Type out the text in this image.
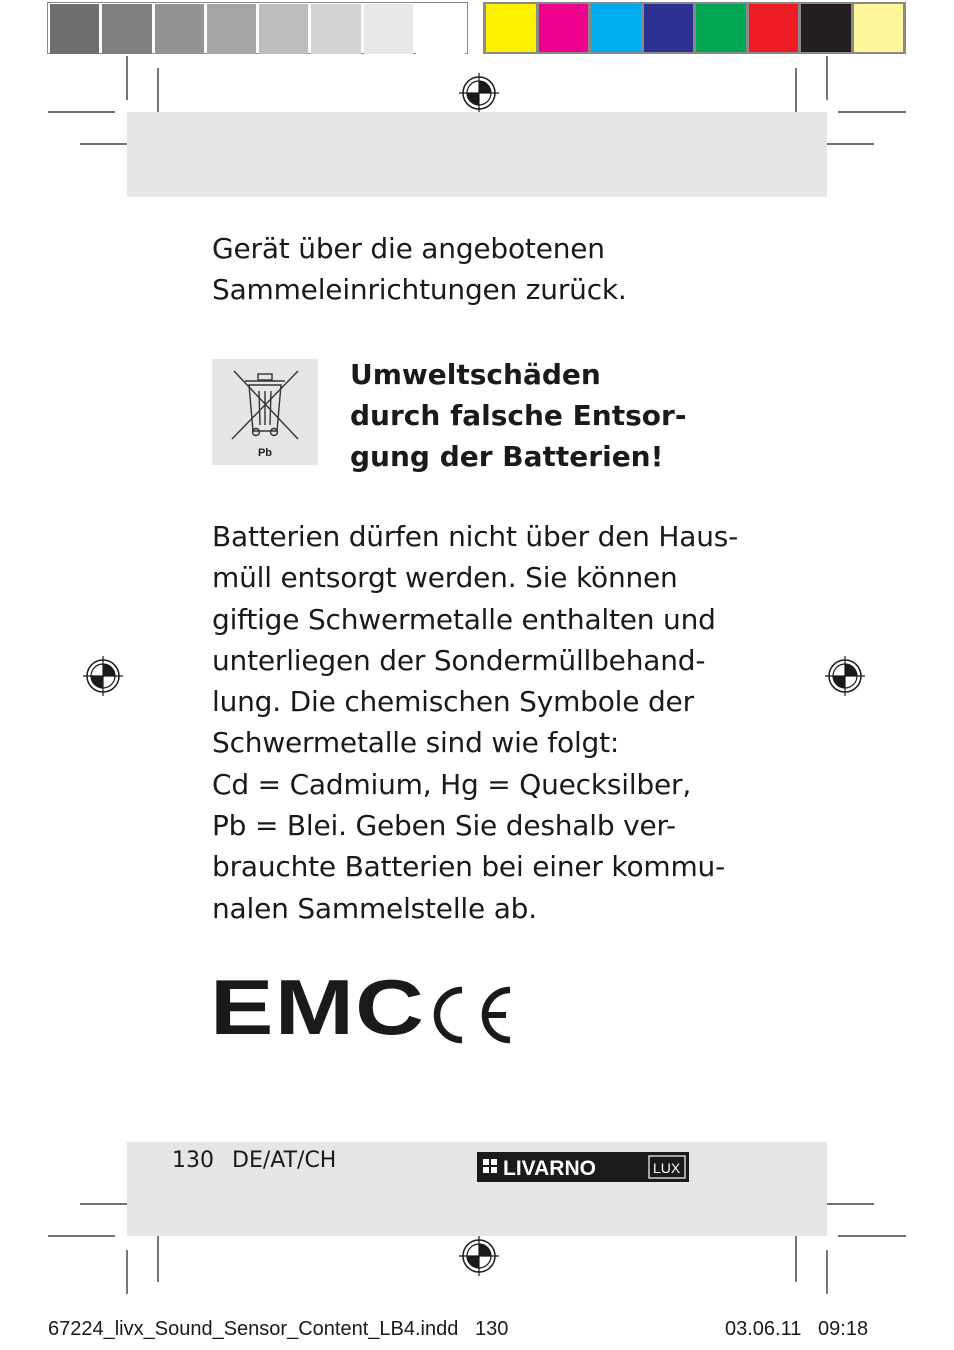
Gerät über die angebotenen
Sammeleinrichtungen zurück.
Pb
Umweltschäden
durch falsche Entsor-
gung der Batterien!
Batterien dürfen nicht über den Haus-
müll entsorgt werden. Sie können
giftige Schwermetalle enthalten und
unterliegen der Sondermüllbehand-
lung. Die chemischen Symbole der
Schwermetalle sind wie folgt:
Cd = Cadmium, Hg = Quecksilber,
Pb = Blei. Geben Sie deshalb ver-
brauchte Batterien bei einer kommu-
nalen Sammelstelle ab.
EMC
130 DE/AT/CH	LIVARNO	LUX
67224_livx_Sound_Sensor_Content_LB4.indd 130	03.06.11 09:18
